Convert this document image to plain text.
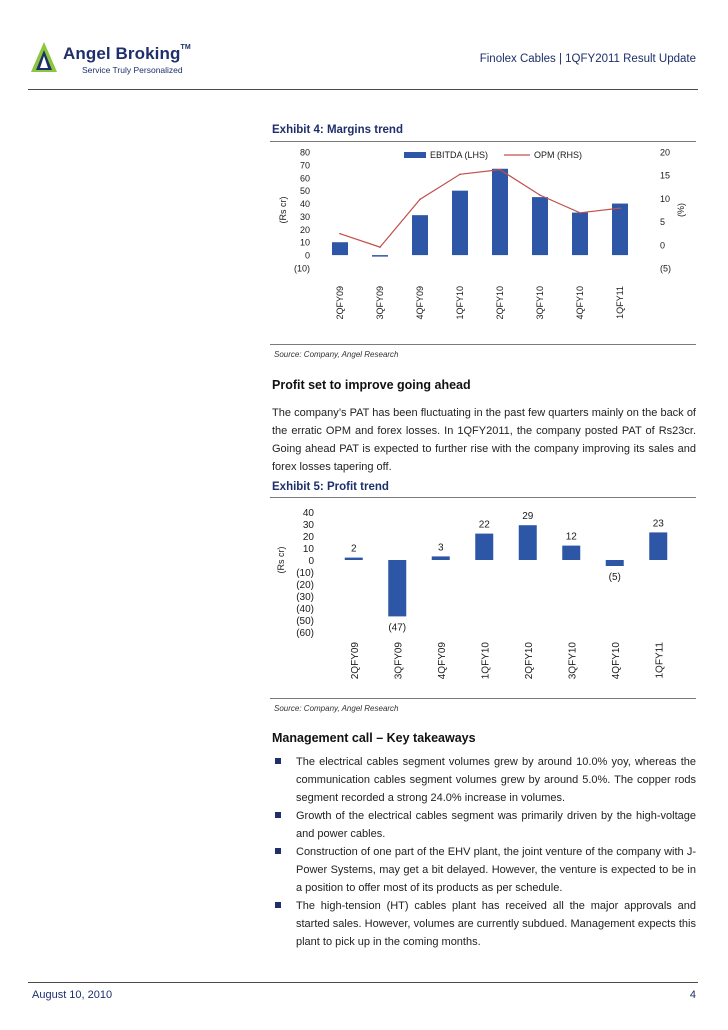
Angel Broking™
Service Truly Personalized
Finolex Cables | 1QFY2011 Result Update
Exhibit 4: Margins trend
80
70
60
50
40
30
20
10
0
(10)
20
15
10
5
0
(5)
(Rs cr)	(%)
2QFY09	3QFY09	4QFY09	1QFY10	2QFY10	3QFY10	4QFY10	1QFY11
EBITDA (LHS)	OPM (RHS)
Source: Company, Angel Research
Profit set to improve going ahead

The company’s PAT has been fluctuating in the past few quarters mainly on the back of the erratic OPM and forex losses. In 1QFY2011, the company posted PAT of Rs23cr. Going ahead PAT is expected to further rise with the company improving its sales and forex losses tapering off.

Exhibit 5: Profit trend
40
30
20
10
0
(10)
(20)
(30)
(40)
(50)
(60)
(Rs cr)	2
(47)
3
22
29
12
(5)
23
2QFY09	3QFY09	4QFY09	1QFY10	2QFY10	3QFY10	4QFY10	1QFY11
Source: Company, Angel Research
Management call – Key takeaways
The electrical cables segment volumes grew by around 10.0% yoy, whereas the communication cables segment volumes grew by around 5.0%. The copper rods segment recorded a strong 24.0% increase in volumes.
Growth of the electrical cables segment was primarily driven by the high-voltage and power cables.
Construction of one part of the EHV plant, the joint venture of the company with J-Power Systems, may get a bit delayed. However, the venture is expected to be in a position to offer most of its products as per schedule.
The high-tension (HT) cables plant has received all the major approvals and started sales. However, volumes are currently subdued. Management expects this plant to pick up in the coming months.
August 10, 2010	4
